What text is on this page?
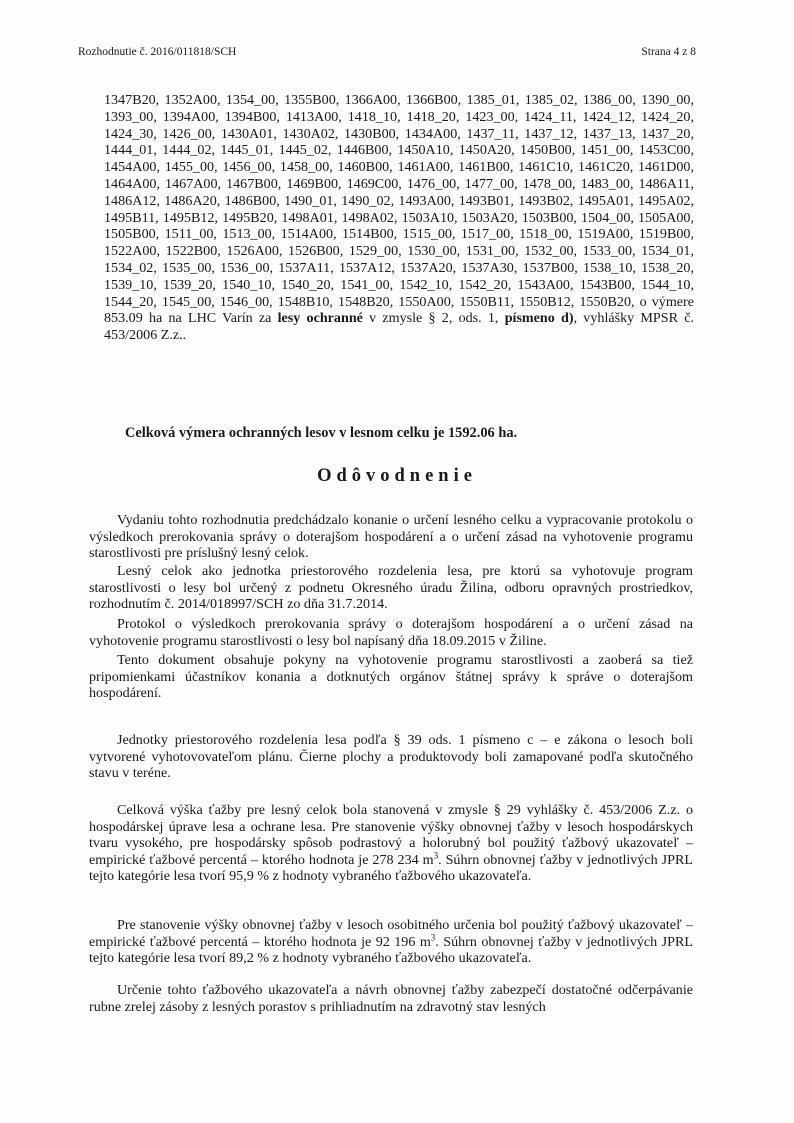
Rozhodnutie č. 2016/011818/SCH	Strana 4 z 8

1347B20, 1352A00, 1354_00, 1355B00, 1366A00, 1366B00, 1385_01, 1385_02, 1386_00, 1390_00, 1393_00, 1394A00, 1394B00, 1413A00, 1418_10, 1418_20, 1423_00, 1424_11, 1424_12, 1424_20, 1424_30, 1426_00, 1430A01, 1430A02, 1430B00, 1434A00, 1437_11, 1437_12, 1437_13, 1437_20, 1444_01, 1444_02, 1445_01, 1445_02, 1446B00, 1450A10, 1450A20, 1450B00, 1451_00, 1453C00, 1454A00, 1455_00, 1456_00, 1458_00, 1460B00, 1461A00, 1461B00, 1461C10, 1461C20, 1461D00, 1464A00, 1467A00, 1467B00, 1469B00, 1469C00, 1476_00, 1477_00, 1478_00, 1483_00, 1486A11, 1486A12, 1486A20, 1486B00, 1490_01, 1490_02, 1493A00, 1493B01, 1493B02, 1495A01, 1495A02, 1495B11, 1495B12, 1495B20, 1498A01, 1498A02, 1503A10, 1503A20, 1503B00, 1504_00, 1505A00, 1505B00, 1511_00, 1513_00, 1514A00, 1514B00, 1515_00, 1517_00, 1518_00, 1519A00, 1519B00, 1522A00, 1522B00, 1526A00, 1526B00, 1529_00, 1530_00, 1531_00, 1532_00, 1533_00, 1534_01, 1534_02, 1535_00, 1536_00, 1537A11, 1537A12, 1537A20, 1537A30, 1537B00, 1538_10, 1538_20, 1539_10, 1539_20, 1540_10, 1540_20, 1541_00, 1542_10, 1542_20, 1543A00, 1543B00, 1544_10, 1544_20, 1545_00, 1546_00, 1548B10, 1548B20, 1550A00, 1550B11, 1550B12, 1550B20, o výmere 853.09 ha na LHC Varín za lesy ochranné v zmysle § 2, ods. 1, písmeno d), vyhlášky MPSR č. 453/2006 Z.z..

Celková výmera ochranných lesov v lesnom celku je 1592.06 ha.

Odôvodnenie

Vydaniu tohto rozhodnutia predchádzalo konanie o určení lesného celku a vypracovanie protokolu o výsledkoch prerokovania správy o doterajšom hospodárení a o určení zásad na vyhotovenie programu starostlivosti pre príslušný lesný celok.

Lesný celok ako jednotka priestorového rozdelenia lesa, pre ktorú sa vyhotovuje program starostlivosti o lesy bol určený z podnetu Okresného úradu Žilina, odboru opravných prostriedkov, rozhodnutím č. 2014/018997/SCH zo dňa 31.7.2014.

Protokol o výsledkoch prerokovania správy o doterajšom hospodárení a o určení zásad na vyhotovenie programu starostlivosti o lesy bol napísaný dňa 18.09.2015 v Žiline.

Tento dokument obsahuje pokyny na vyhotovenie programu starostlivosti a zaoberá sa tiež pripomienkami účastníkov konania a dotknutých orgánov štátnej správy k správe o doterajšom hospodárení.

Jednotky priestorového rozdelenia lesa podľa § 39 ods. 1 písmeno c – e zákona o lesoch boli vytvorené vyhotovovateľom plánu. Čierne plochy a produktovody boli zamapované podľa skutočného stavu v teréne.

Celková výška ťažby pre lesný celok bola stanovená v zmysle § 29 vyhlášky č. 453/2006 Z.z. o hospodárskej úprave lesa a ochrane lesa. Pre stanovenie výšky obnovnej ťažby v lesoch hospodárskych tvaru vysokého, pre hospodársky spôsob podrastový a holorubný bol použitý ťažbový ukazovateľ – empirické ťažbové percentá – ktorého hodnota je 278 234 $m^3$. Súhrn obnovnej ťažby v jednotlivých JPRL tejto kategórie lesa tvorí 95,9 % z hodnoty vybraného ťažbového ukazovateľa.

Pre stanovenie výšky obnovnej ťažby v lesoch osobitného určenia bol použitý ťažbový ukazovateľ – empirické ťažbové percentá – ktorého hodnota je 92 196 $m^3$. Súhrn obnovnej ťažby v jednotlivých JPRL tejto kategórie lesa tvorí 89,2 % z hodnoty vybraného ťažbového ukazovateľa.

Určenie tohto ťažbového ukazovateľa a návrh obnovnej ťažby zabezpečí dostatočné odčerpávanie rubne zrelej zásoby z lesných porastov s prihliadnutím na zdravotný stav lesných
